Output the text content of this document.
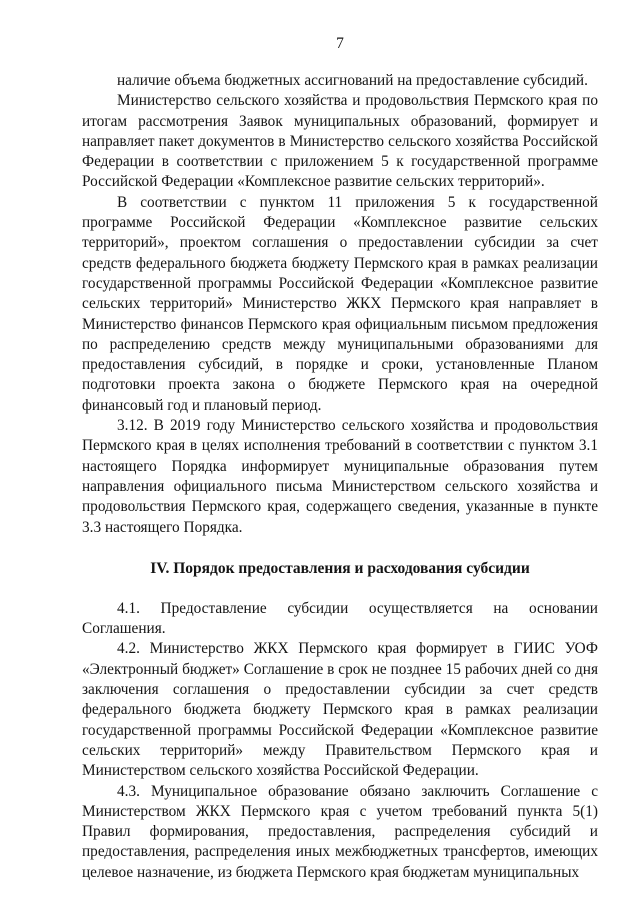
7

наличие объема бюджетных ассигнований на предоставление субсидий.

Министерство сельского хозяйства и продовольствия Пермского края по итогам рассмотрения Заявок муниципальных образований, формирует и направляет пакет документов в Министерство сельского хозяйства Российской Федерации в соответствии с приложением 5 к государственной программе Российской Федерации «Комплексное развитие сельских территорий».

В соответствии с пунктом 11 приложения 5 к государственной программе Российской Федерации «Комплексное развитие сельских территорий», проектом соглашения о предоставлении субсидии за счет средств федерального бюджета бюджету Пермского края в рамках реализации государственной программы Российской Федерации «Комплексное развитие сельских территорий» Министерство ЖКХ Пермского края направляет в Министерство финансов Пермского края официальным письмом предложения по распределению средств между муниципальными образованиями для предоставления субсидий, в порядке и сроки, установленные Планом подготовки проекта закона о бюджете Пермского края на очередной финансовый год и плановый период.

3.12. В 2019 году Министерство сельского хозяйства и продовольствия Пермского края в целях исполнения требований в соответствии с пунктом 3.1 настоящего Порядка информирует муниципальные образования путем направления официального письма Министерством сельского хозяйства и продовольствия Пермского края, содержащего сведения, указанные в пункте 3.3 настоящего Порядка.

IV. Порядок предоставления и расходования субсидии

4.1. Предоставление субсидии осуществляется на основании Соглашения.

4.2. Министерство ЖКХ Пермского края формирует в ГИИС УОФ «Электронный бюджет» Соглашение в срок не позднее 15 рабочих дней со дня заключения соглашения о предоставлении субсидии за счет средств федерального бюджета бюджету Пермского края в рамках реализации государственной программы Российской Федерации «Комплексное развитие сельских территорий» между Правительством Пермского края и Министерством сельского хозяйства Российской Федерации.

4.3. Муниципальное образование обязано заключить Соглашение с Министерством ЖКХ Пермского края с учетом требований пункта 5(1) Правил формирования, предоставления, распределения субсидий и предоставления, распределения иных межбюджетных трансфертов, имеющих целевое назначение, из бюджета Пермского края бюджетам муниципальных
